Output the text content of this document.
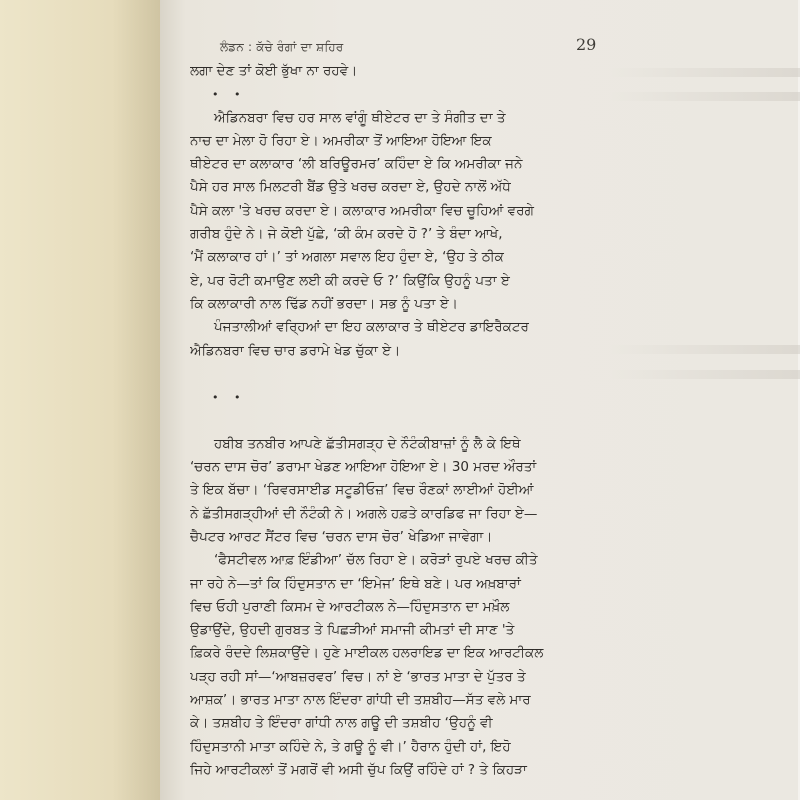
ਲੰਡਨ : ਕੱਚੇ ਰੰਗਾਂ ਦਾ ਸ਼ਹਿਰ	29
ਲਗਾ ਦੇਣ ਤਾਂ ਕੋਈ ਭੁੱਖਾ ਨਾ ਰਹਵੇ।
• •
ਐਡਿਨਬਰਾ ਵਿਚ ਹਰ ਸਾਲ ਵਾਂਗੂੰ ਥੀਏਟਰ ਦਾ ਤੇ ਸੰਗੀਤ ਦਾ ਤੇ
ਨਾਚ ਦਾ ਮੇਲਾ ਹੋ ਰਿਹਾ ਏ। ਅਮਰੀਕਾ ਤੋਂ ਆਇਆ ਹੋਇਆ ਇਕ
ਥੀਏਟਰ ਦਾ ਕਲਾਕਾਰ ‘ਲੀ ਬਰਿਊਰਮਰ’ ਕਹਿੰਦਾ ਏ ਕਿ ਅਮਰੀਕਾ ਜਨੇ
ਪੈਸੇ ਹਰ ਸਾਲ ਮਿਲਟਰੀ ਬੈਂਡ ਉਤੇ ਖਰਚ ਕਰਦਾ ਏ, ਉਹਦੇ ਨਾਲੋਂ ਅੱਧੇ
ਪੈਸੇ ਕਲਾ 'ਤੇ ਖਰਚ ਕਰਦਾ ਏ। ਕਲਾਕਾਰ ਅਮਰੀਕਾ ਵਿਚ ਚੂਹਿਆਂ ਵਰਗੇ
ਗਰੀਬ ਹੁੰਦੇ ਨੇ। ਜੇ ਕੋਈ ਪੁੱਛੇ, ‘ਕੀ ਕੰਮ ਕਰਦੇ ਹੋ ?’ ਤੇ ਬੰਦਾ ਆਖੇ,
‘ਮੈਂ ਕਲਾਕਾਰ ਹਾਂ।’ ਤਾਂ ਅਗਲਾ ਸਵਾਲ ਇਹ ਹੁੰਦਾ ਏ, ‘ਉਹ ਤੇ ਠੀਕ
ਏ, ਪਰ ਰੋਟੀ ਕਮਾਉਣ ਲਈ ਕੀ ਕਰਦੇ ਓ ?’ ਕਿਉਂਕਿ ਉਹਨੂੰ ਪਤਾ ਏ
ਕਿ ਕਲਾਕਾਰੀ ਨਾਲ ਢਿੱਡ ਨਹੀਂ ਭਰਦਾ। ਸਭ ਨੂੰ ਪਤਾ ਏ।
ਪੰਜਤਾਲੀਆਂ ਵਰ੍ਹਿਆਂ ਦਾ ਇਹ ਕਲਾਕਾਰ ਤੇ ਥੀਏਟਰ ਡਾਇਰੈਕਟਰ
ਐਡਿਨਬਰਾ ਵਿਚ ਚਾਰ ਡਰਾਮੇ ਖੇਡ ਚੁੱਕਾ ਏ।

• •

ਹਬੀਬ ਤਨਬੀਰ ਆਪਣੇ ਛੱਤੀਸਗੜ੍ਹ ਦੇ ਨੌਟੰਕੀਬਾਜ਼ਾਂ ਨੂੰ ਲੈ ਕੇ ਇਥੇ
‘ਚਰਨ ਦਾਸ ਚੋਰ’ ਡਰਾਮਾ ਖੇਡਣ ਆਇਆ ਹੋਇਆ ਏ। 30 ਮਰਦ ਔਰਤਾਂ
ਤੇ ਇਕ ਬੱਚਾ। ‘ਰਿਵਰਸਾਈਡ ਸਟੂਡੀਓਜ਼’ ਵਿਚ ਰੌਣਕਾਂ ਲਾਈਆਂ ਹੋਈਆਂ
ਨੇ ਛੱਤੀਸਗੜ੍ਹੀਆਂ ਦੀ ਨੌਟੰਕੀ ਨੇ। ਅਗਲੇ ਹਫ਼ਤੇ ਕਾਰਡਿਫ ਜਾ ਰਿਹਾ ਏ—
ਚੈਪਟਰ ਆਰਟ ਸੈਂਟਰ ਵਿਚ ‘ਚਰਨ ਦਾਸ ਚੋਰ’ ਖੇਡਿਆ ਜਾਵੇਗਾ।
‘ਫੈਸਟੀਵਲ ਆਫ਼ ਇੰਡੀਆ’ ਚੱਲ ਰਿਹਾ ਏ। ਕਰੋੜਾਂ ਰੁਪਏ ਖਰਚ ਕੀਤੇ
ਜਾ ਰਹੇ ਨੇ—ਤਾਂ ਕਿ ਹਿੰਦੁਸਤਾਨ ਦਾ ‘ਇਮੇਜ’ ਇਥੇ ਬਣੇ। ਪਰ ਅਖ਼ਬਾਰਾਂ
ਵਿਚ ਓਹੀ ਪੁਰਾਣੀ ਕਿਸਮ ਦੇ ਆਰਟੀਕਲ ਨੇ—ਹਿੰਦੁਸਤਾਨ ਦਾ ਮਖ਼ੌਲ
ਉਡਾਉਂਦੇ, ਉਹਦੀ ਗੁਰਬਤ ਤੇ ਪਿਛੜੀਆਂ ਸਮਾਜੀ ਕੀਮਤਾਂ ਦੀ ਸਾਣ 'ਤੇ
ਫ਼ਿਕਰੇ ਰੰਦਦੇ ਲਿਸ਼ਕਾਉਂਦੇ। ਹੁਣੇ ਮਾਈਕਲ ਹਲਰਾਇਡ ਦਾ ਇਕ ਆਰਟੀਕਲ
ਪੜ੍ਹ ਰਹੀ ਸਾਂ—‘ਆਬਜ਼ਰਵਰ’ ਵਿਚ। ਨਾਂ ਏ ‘ਭਾਰਤ ਮਾਤਾ ਦੇ ਪੁੱਤਰ ਤੇ
ਆਸ਼ਕ’। ਭਾਰਤ ਮਾਤਾ ਨਾਲ ਇੰਦਰਾ ਗਾਂਧੀ ਦੀ ਤਸ਼ਬੀਹ—ਸੱਤ ਵਲੇ ਮਾਰ
ਕੇ। ਤਸ਼ਬੀਹ ਤੇ ਇੰਦਰਾ ਗਾਂਧੀ ਨਾਲ ਗਊ ਦੀ ਤਸ਼ਬੀਹ ‘ਉਹਨੂੰ ਵੀ
ਹਿੰਦੁਸਤਾਨੀ ਮਾਤਾ ਕਹਿੰਦੇ ਨੇ, ਤੇ ਗਊ ਨੂੰ ਵੀ।’ ਹੈਰਾਨ ਹੁੰਦੀ ਹਾਂ, ਇਹੋ
ਜਿਹੇ ਆਰਟੀਕਲਾਂ ਤੋਂ ਮਗਰੋਂ ਵੀ ਅਸੀ ਚੁੱਪ ਕਿਉਂ ਰਹਿੰਦੇ ਹਾਂ ? ਤੇ ਕਿਹੜਾ
